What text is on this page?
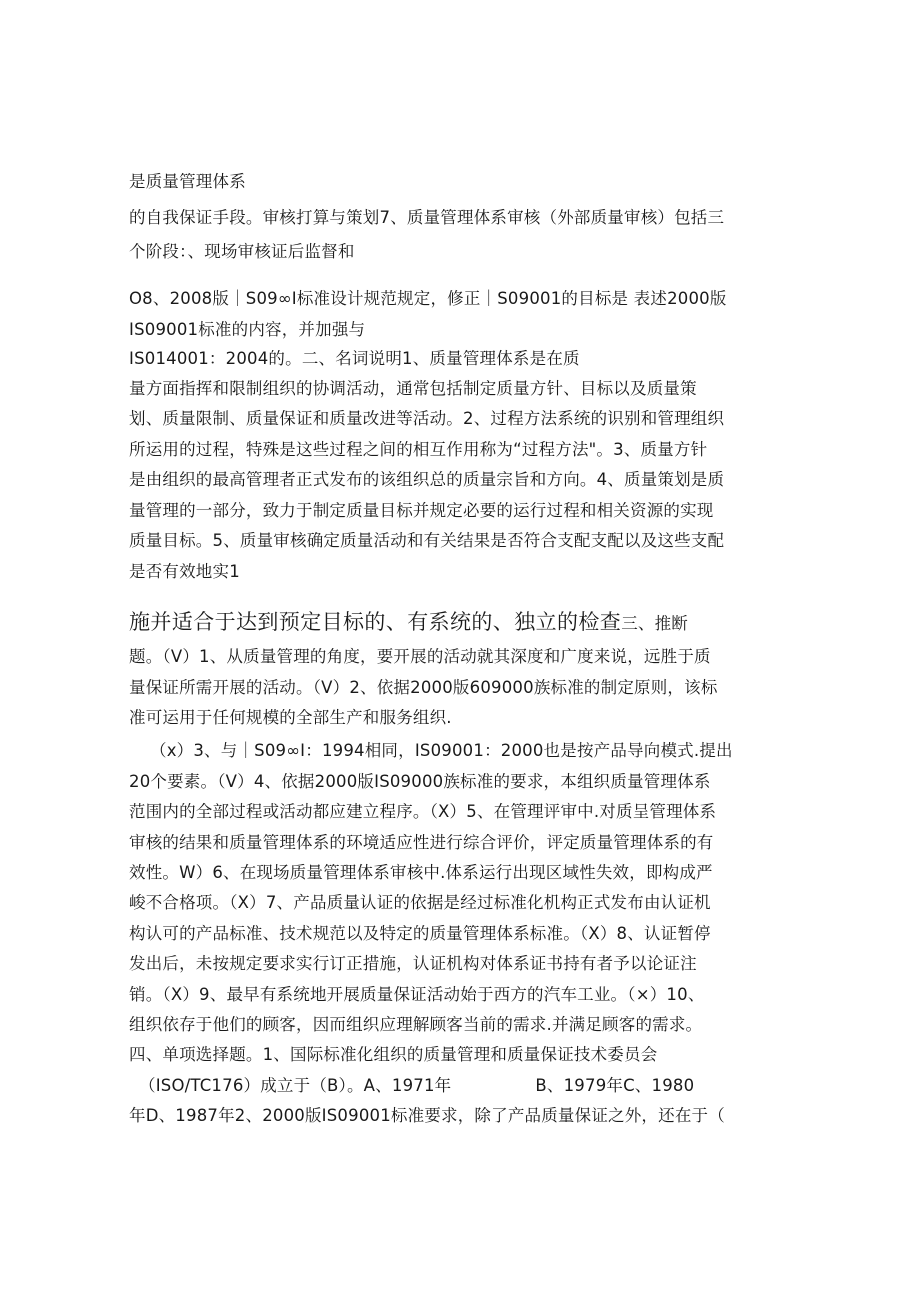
是质量管理体系
的自我保证手段。审核打算与策划7、质量管理体系审核（外部质量审核）包括三
个阶段：、现场审核证后监督和
O8、2008版｜S09∞I标准设计规范规定，修正｜S09001的目标是 表述2000版
IS09001标准的内容，并加强与
IS014001：2004的。二、名词说明1、质量管理体系是在质
量方面指挥和限制组织的协调活动，通常包括制定质量方针、目标以及质量策
划、质量限制、质量保证和质量改进等活动。2、过程方法系统的识别和管理组织
所运用的过程，特殊是这些过程之间的相互作用称为“过程方法"。3、质量方针
是由组织的最高管理者正式发布的该组织总的质量宗旨和方向。4、质量策划是质
量管理的一部分，致力于制定质量目标并规定必要的运行过程和相关资源的实现
质量目标。5、质量审核确定质量活动和有关结果是否符合支配支配以及这些支配
是否有效地实1
施并适合于达到预定目标的、有系统的、独立的检查三、推断
题。（V）1、从质量管理的角度，要开展的活动就其深度和广度来说，远胜于质
量保证所需开展的活动。（V）2、依据2000版609000族标准的制定原则，该标
准可运用于任何规模的全部生产和服务组织.
（x）3、与｜S09∞I：1994相同，IS09001：2000也是按产品导向模式.提出
20个要素。（V）4、依据2000版IS09000族标准的要求，本组织质量管理体系
范围内的全部过程或活动都应建立程序。（X）5、在管理评审中.对质呈管理体系
审核的结果和质量管理体系的环境适应性进行综合评价，评定质量管理体系的有
效性。W）6、在现场质量管理体系审核中.体系运行出现区域性失效，即构成严
峻不合格项。（X）7、产品质量认证的依据是经过标准化机构正式发布由认证机
构认可的产品标准、技术规范以及特定的质量管理体系标准。（X）8、认证暂停
发出后，未按规定要求实行订正措施，认证机构对体系证书持有者予以论证注
销。（X）9、最早有系统地开展质量保证活动始于西方的汽车工业。（×）10、
组织依存于他们的顾客，因而组织应理解顾客当前的需求.并满足顾客的需求。
四、单项选择题。1、国际标准化组织的质量管理和质量保证技术委员会
（ISO/TC176）成立于（B）。A、1971年	B、1979年C、1980
年D、1987年2、2000版IS09001标准要求，除了产品质量保证之外，还在于（
